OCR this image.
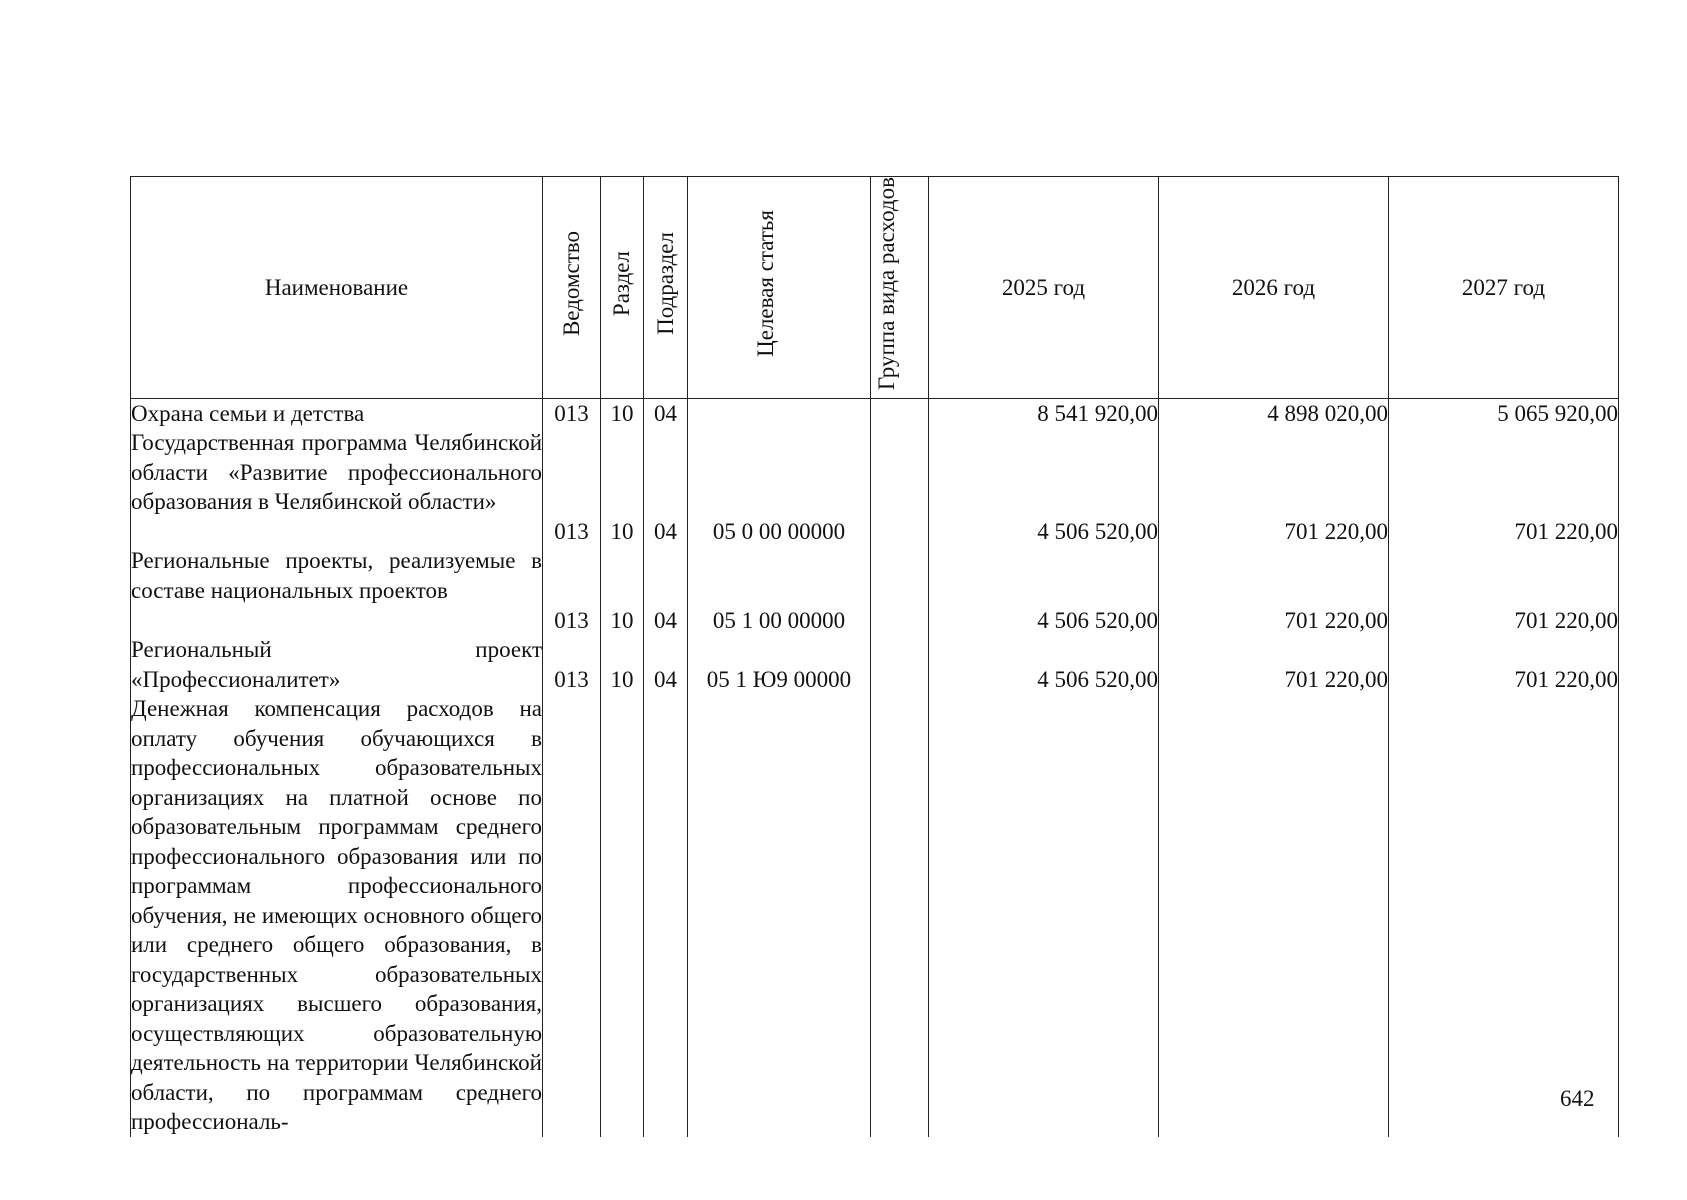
Наименование	Ведомство	Раздел	Подраздел	Целевая статья	Группа вида расходов	2025 год	2026 год	2027 год
Охрана семьи и детства	013	10	04			8 541 920,00	4 898 020,00	5 065 920,00
Государственная программа Челябинской области «Развитие профессионального образования в Челябинской области»	013	10	04	05 0 00 00000		4 506 520,00	701 220,00	701 220,00
Региональные проекты, реализуемые в составе национальных проектов	013	10	04	05 1 00 00000		4 506 520,00	701 220,00	701 220,00
Региональный проект «Профессионалитет»	013	10	04	05 1 Ю9 00000		4 506 520,00	701 220,00	701 220,00
Денежная компенсация расходов на оплату обучения обучающихся в профессиональных образовательных организациях на платной основе по образовательным программам среднего профессионального образования или по программам профессионального обучения, не имеющих основного общего или среднего общего образования, в государственных образовательных организациях высшего образования, осуществляющих образовательную деятельность на территории Челябинской области, по программам среднего профессиональ-								
642
